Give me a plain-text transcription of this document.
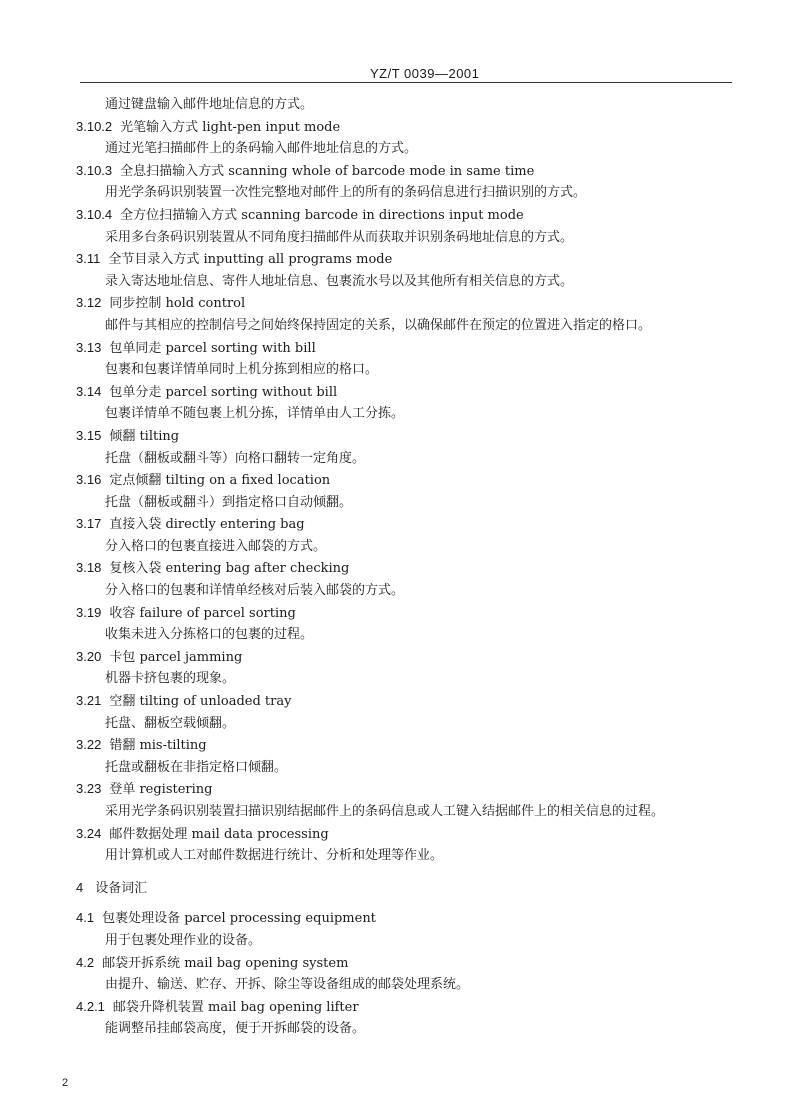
YZ/T 0039—2001
通过键盘输入邮件地址信息的方式。
3.10.2 光笔输入方式 light-pen input mode
通过光笔扫描邮件上的条码输入邮件地址信息的方式。
3.10.3 全息扫描输入方式 scanning whole of barcode mode in same time
用光学条码识别装置一次性完整地对邮件上的所有的条码信息进行扫描识别的方式。
3.10.4 全方位扫描输入方式 scanning barcode in directions input mode
采用多台条码识别装置从不同角度扫描邮件从而获取并识别条码地址信息的方式。
3.11 全节目录入方式 inputting all programs mode
录入寄达地址信息、寄件人地址信息、包裹流水号以及其他所有相关信息的方式。
3.12 同步控制 hold control
邮件与其相应的控制信号之间始终保持固定的关系，以确保邮件在预定的位置进入指定的格口。
3.13 包单同走 parcel sorting with bill
包裹和包裹详情单同时上机分拣到相应的格口。
3.14 包单分走 parcel sorting without bill
包裹详情单不随包裹上机分拣，详情单由人工分拣。
3.15 倾翻 tilting
托盘（翻板或翻斗等）向格口翻转一定角度。
3.16 定点倾翻 tilting on a fixed location
托盘（翻板或翻斗）到指定格口自动倾翻。
3.17 直接入袋 directly entering bag
分入格口的包裹直接进入邮袋的方式。
3.18 复核入袋 entering bag after checking
分入格口的包裹和详情单经核对后装入邮袋的方式。
3.19 收容 failure of parcel sorting
收集未进入分拣格口的包裹的过程。
3.20 卡包 parcel jamming
机器卡挤包裹的现象。
3.21 空翻 tilting of unloaded tray
托盘、翻板空载倾翻。
3.22 错翻 mis-tilting
托盘或翻板在非指定格口倾翻。
3.23 登单 registering
采用光学条码识别装置扫描识别结据邮件上的条码信息或人工键入结据邮件上的相关信息的过程。
3.24 邮件数据处理 mail data processing
用计算机或人工对邮件数据进行统计、分析和处理等作业。
4 设备词汇
4.1 包裹处理设备 parcel processing equipment
用于包裹处理作业的设备。
4.2 邮袋开拆系统 mail bag opening system
由提升、输送、贮存、开拆、除尘等设备组成的邮袋处理系统。
4.2.1 邮袋升降机装置 mail bag opening lifter
能调整吊挂邮袋高度，便于开拆邮袋的设备。
2
